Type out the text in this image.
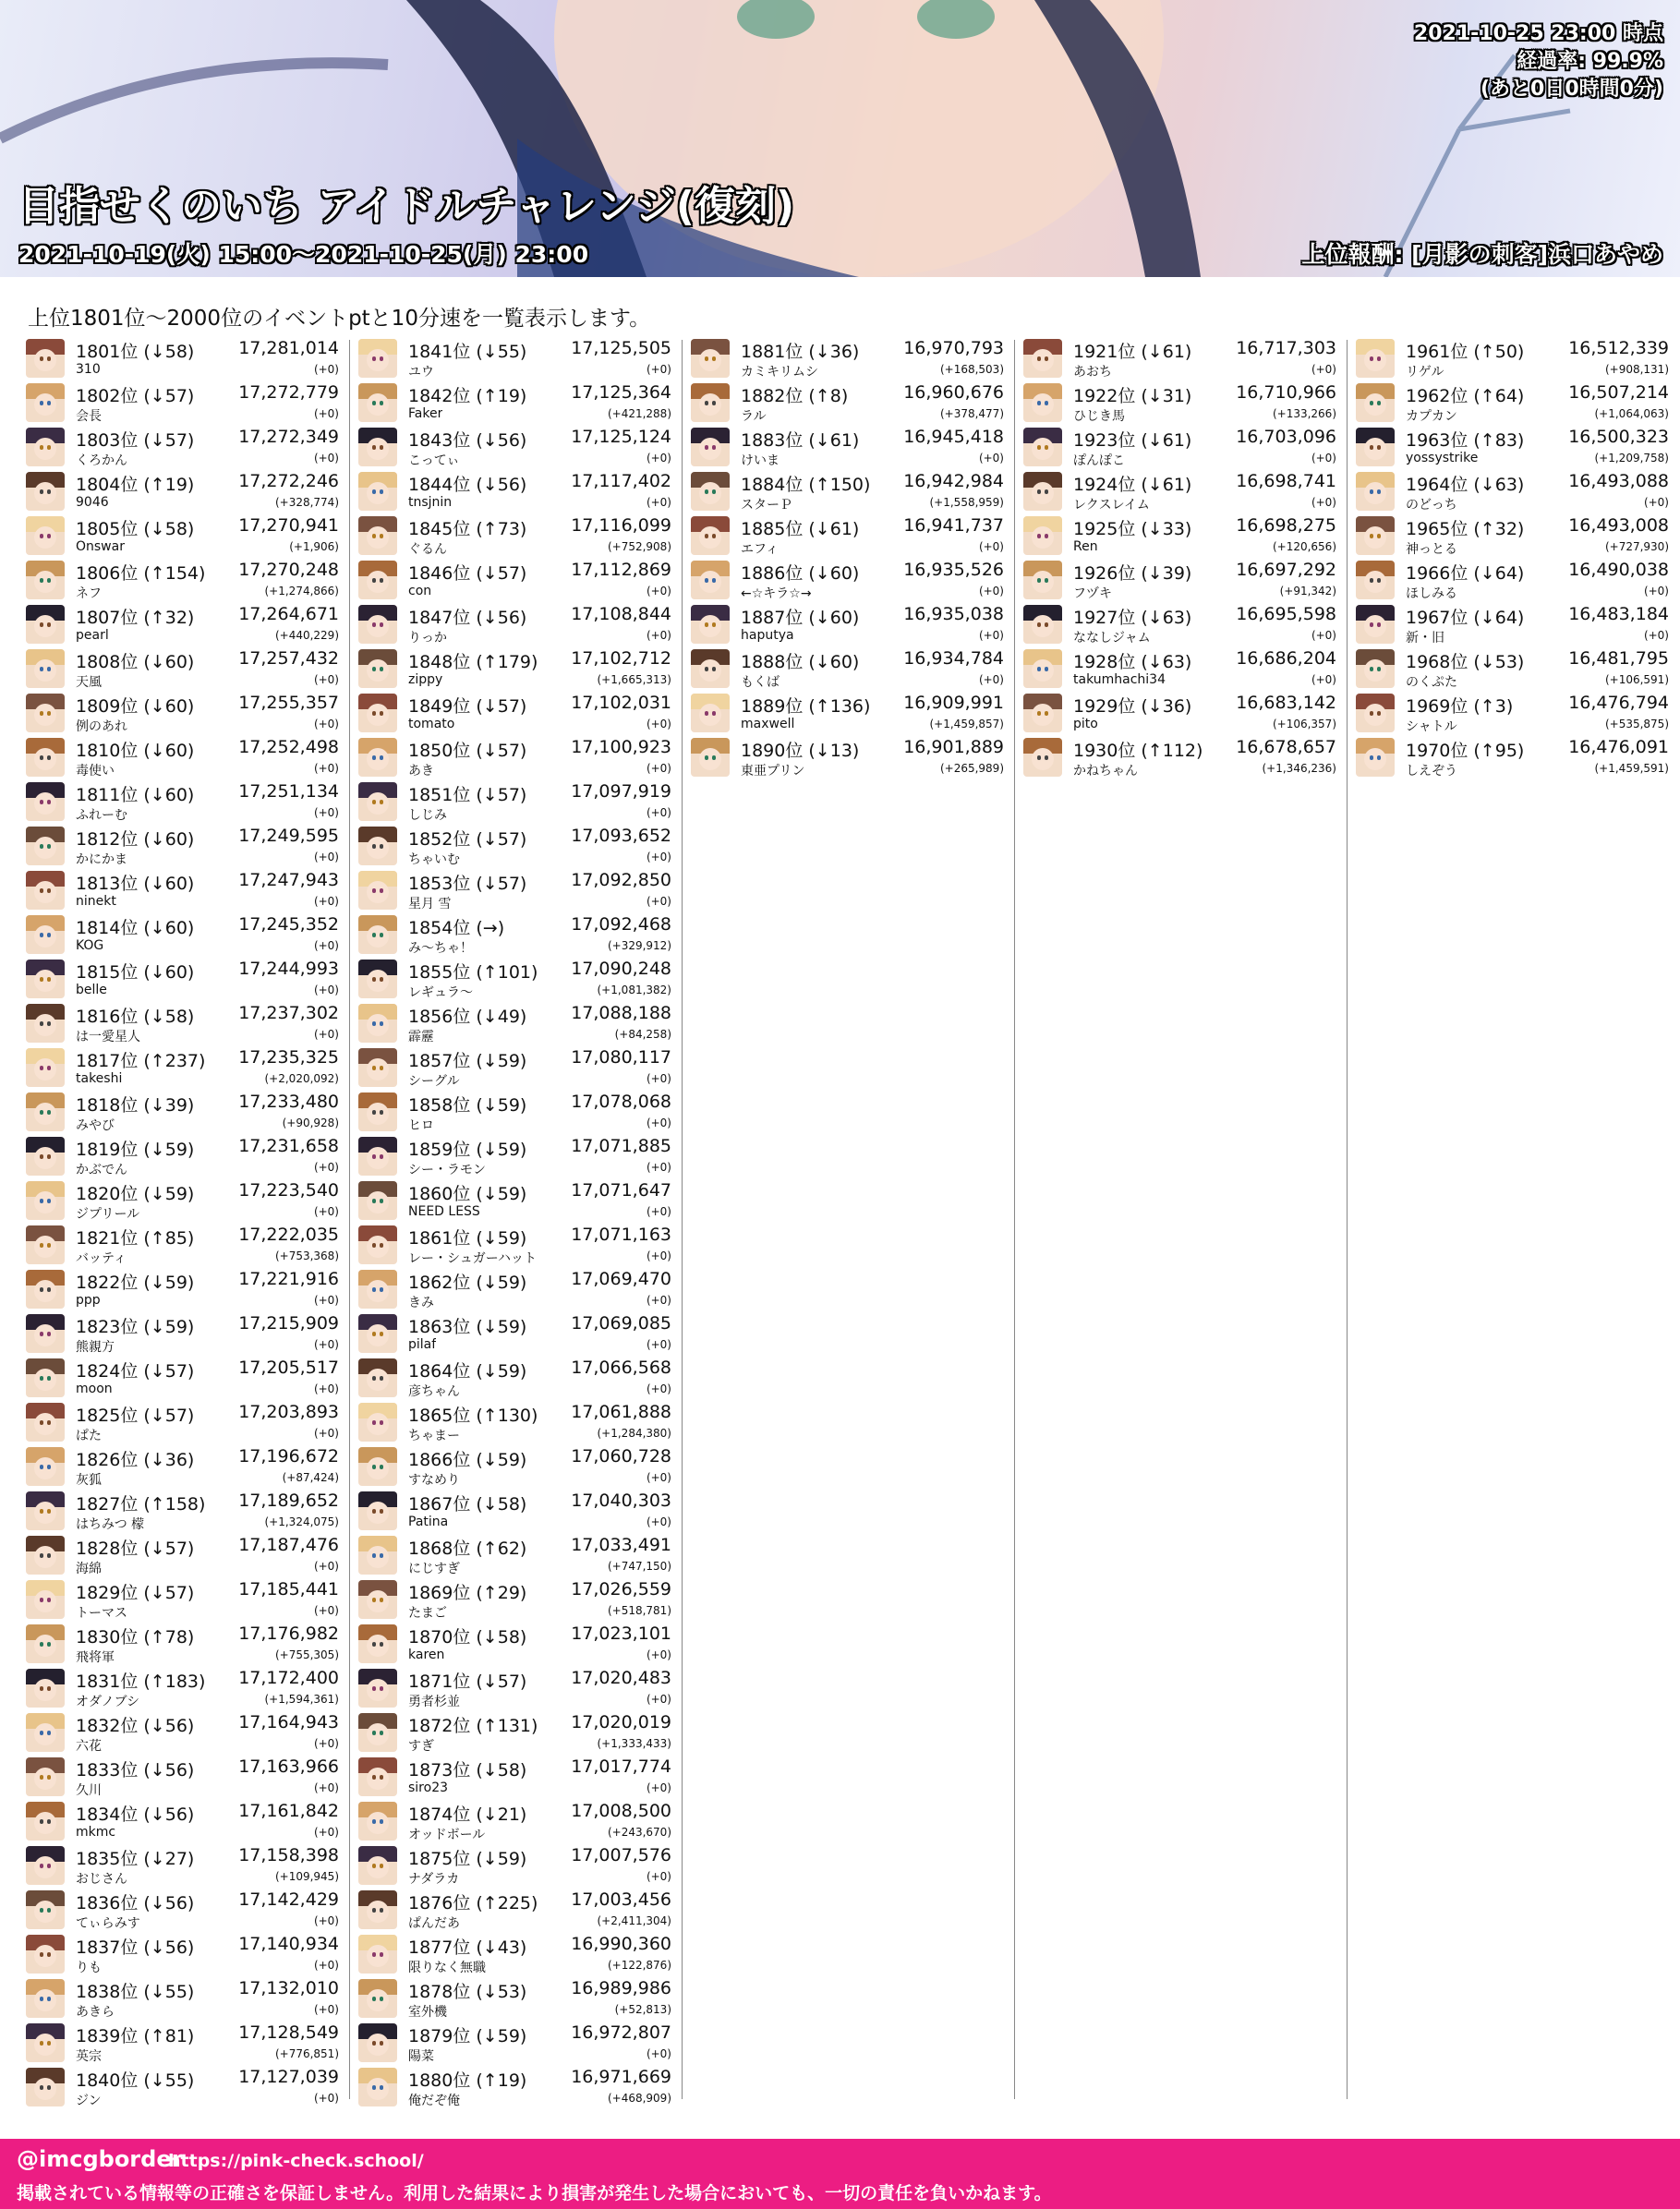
2021-10-25 23:00 時点
経過率: 99.9%
(あと0日0時間0分)
目指せくのいち アイドルチャレンジ(復刻)
2021-10-19(火) 15:00〜2021-10-25(月) 23:00	上位報酬: [月影の刺客]浜口あやめ
上位1801位〜2000位のイベントptと10分速を一覧表示します。
1801位 (↓58)	17,281,014
310	(+0)
1802位 (↓57)	17,272,779
会長	(+0)
1803位 (↓57)	17,272,349
くろかん	(+0)
1804位 (↑19)	17,272,246
9046	(+328,774)
1805位 (↓58)	17,270,941
Onswar	(+1,906)
1806位 (↑154) 17,270,248
ネフ	(+1,274,866)
1807位 (↑32)	17,264,671
pearl	(+440,229)
1808位 (↓60)	17,257,432
天風	(+0)
1809位 (↓60)	17,255,357
例のあれ	(+0)
1810位 (↓60)	17,252,498
毒使い	(+0)
1811位 (↓60)	17,251,134
ふれーむ	(+0)
1812位 (↓60)	17,249,595
かにかま	(+0)
1813位 (↓60)	17,247,943
ninekt	(+0)
1814位 (↓60)	17,245,352
KOG	(+0)
1815位 (↓60)	17,244,993
belle	(+0)
1816位 (↓58)	17,237,302
は一愛星人	(+0)
1817位 (↑237) 17,235,325
takeshi	(+2,020,092)
1818位 (↓39)	17,233,480
みやび	(+90,928)
1819位 (↓59)	17,231,658
かぶでん	(+0)
1820位 (↓59)	17,223,540
ジプリール	(+0)
1821位 (↑85)	17,222,035
バッティ	(+753,368)
1822位 (↓59)	17,221,916
ppp	(+0)
1823位 (↓59)	17,215,909
熊親方	(+0)
1824位 (↓57)	17,205,517
moon	(+0)
1825位 (↓57)	17,203,893
ぱた	(+0)
1826位 (↓36)	17,196,672
灰狐	(+87,424)
1827位 (↑158) 17,189,652
はちみつ 檬	(+1,324,075)
1828位 (↓57)	17,187,476
海綿	(+0)
1829位 (↓57)	17,185,441
トーマス	(+0)
1830位 (↑78)	17,176,982
飛将軍	(+755,305)
1831位 (↑183) 17,172,400
オダノブシ	(+1,594,361)
1832位 (↓56)	17,164,943
六花	(+0)
1833位 (↓56)	17,163,966
久川	(+0)
1834位 (↓56)	17,161,842
mkmc	(+0)
1835位 (↓27)	17,158,398
おじさん	(+109,945)
1836位 (↓56)	17,142,429
てぃらみす	(+0)
1837位 (↓56)	17,140,934
りも	(+0)
1838位 (↓55)	17,132,010
あきら	(+0)
1839位 (↑81)	17,128,549
英宗	(+776,851)
1840位 (↓55)	17,127,039
ジン	(+0)
1841位 (↓55)	17,125,505
ユウ	(+0)
1842位 (↑19)	17,125,364
Faker	(+421,288)
1843位 (↓56)	17,125,124
こってぃ	(+0)
1844位 (↓56)	17,117,402
tnsjnin	(+0)
1845位 (↑73)	17,116,099
ぐるん	(+752,908)
1846位 (↓57)	17,112,869
con	(+0)
1847位 (↓56)	17,108,844
りっか	(+0)
1848位 (↑179) 17,102,712
zippy	(+1,665,313)
1849位 (↓57)	17,102,031
tomato	(+0)
1850位 (↓57)	17,100,923
あき	(+0)
1851位 (↓57)	17,097,919
しじみ	(+0)
1852位 (↓57)	17,093,652
ちゃいむ	(+0)
1853位 (↓57)	17,092,850
星月 雪	(+0)
1854位 (→)	17,092,468
み〜ちゃ！	(+329,912)
1855位 (↑101) 17,090,248
レギュラ〜	(+1,081,382)
1856位 (↓49)	17,088,188
霹靂	(+84,258)
1857位 (↓59)	17,080,117
シーグル	(+0)
1858位 (↓59)	17,078,068
ヒロ	(+0)
1859位 (↓59)	17,071,885
シー・ラモン	(+0)
1860位 (↓59)	17,071,647
NEED LESS	(+0)
1861位 (↓59)	17,071,163
レー・シュガーハット	(+0)
1862位 (↓59)	17,069,470
きみ	(+0)
1863位 (↓59)	17,069,085
pilaf	(+0)
1864位 (↓59)	17,066,568
彦ちゃん	(+0)
1865位 (↑130) 17,061,888
ちゃまー	(+1,284,380)
1866位 (↓59)	17,060,728
すなめり	(+0)
1867位 (↓58)	17,040,303
Patina	(+0)
1868位 (↑62)	17,033,491
にじすぎ	(+747,150)
1869位 (↑29)	17,026,559
たまご	(+518,781)
1870位 (↓58)	17,023,101
karen	(+0)
1871位 (↓57)	17,020,483
勇者杉並	(+0)
1872位 (↑131) 17,020,019
すぎ	(+1,333,433)
1873位 (↓58)	17,017,774
siro23	(+0)
1874位 (↓21)	17,008,500
オッドボール	(+243,670)
1875位 (↓59)	17,007,576
ナダラカ	(+0)
1876位 (↑225) 17,003,456
ぱんだあ	(+2,411,304)
1877位 (↓43)	16,990,360
限りなく無職	(+122,876)
1878位 (↓53)	16,989,986
室外機	(+52,813)
1879位 (↓59)	16,972,807
陽菜	(+0)
1880位 (↑19)	16,971,669
俺だぞ俺	(+468,909)
1881位 (↓36)	16,970,793
カミキリムシ	(+168,503)
1882位 (↑8)	16,960,676
ラル	(+378,477)
1883位 (↓61)	16,945,418
けいま	(+0)
1884位 (↑150) 16,942,984
スターＰ	(+1,558,959)
1885位 (↓61)	16,941,737
エフィ	(+0)
1886位 (↓60)	16,935,526
←☆キラ☆→	(+0)
1887位 (↓60)	16,935,038
haputya	(+0)
1888位 (↓60)	16,934,784
もくば	(+0)
1889位 (↑136) 16,909,991
maxwell	(+1,459,857)
1890位 (↓13)	16,901,889
東亜プリン	(+265,989)
1921位 (↓61)	16,717,303
あおち	(+0)
1922位 (↓31)	16,710,966
ひじき馬	(+133,266)
1923位 (↓61)	16,703,096
ぽんぽこ	(+0)
1924位 (↓61)	16,698,741
レクスレイム	(+0)
1925位 (↓33)	16,698,275
Ren	(+120,656)
1926位 (↓39)	16,697,292
フヅキ	(+91,342)
1927位 (↓63)	16,695,598
ななしジャム	(+0)
1928位 (↓63)	16,686,204
takumhachi34	(+0)
1929位 (↓36)	16,683,142
pito	(+106,357)
1930位 (↑112) 16,678,657
かねちゃん	(+1,346,236)
1961位 (↑50)	16,512,339
リゲル	(+908,131)
1962位 (↑64)	16,507,214
カプカン	(+1,064,063)
1963位 (↑83)	16,500,323
yossystrike	(+1,209,758)
1964位 (↓63)	16,493,088
のどっち	(+0)
1965位 (↑32)	16,493,008
神っとる	(+727,930)
1966位 (↓64)	16,490,038
ほしみる	(+0)
1967位 (↓64)	16,483,184
新・旧	(+0)
1968位 (↓53)	16,481,795
のくぷた	(+106,591)
1969位 (↑3)	16,476,794
シャトル	(+535,875)
1970位 (↑95)	16,476,091
しえぞう	(+1,459,591)
@imcgborder
https://pink-check.school/
掲載されている情報等の正確さを保証しません。利用した結果により損害が発生した場合においても、一切の責任を負いかねます。
